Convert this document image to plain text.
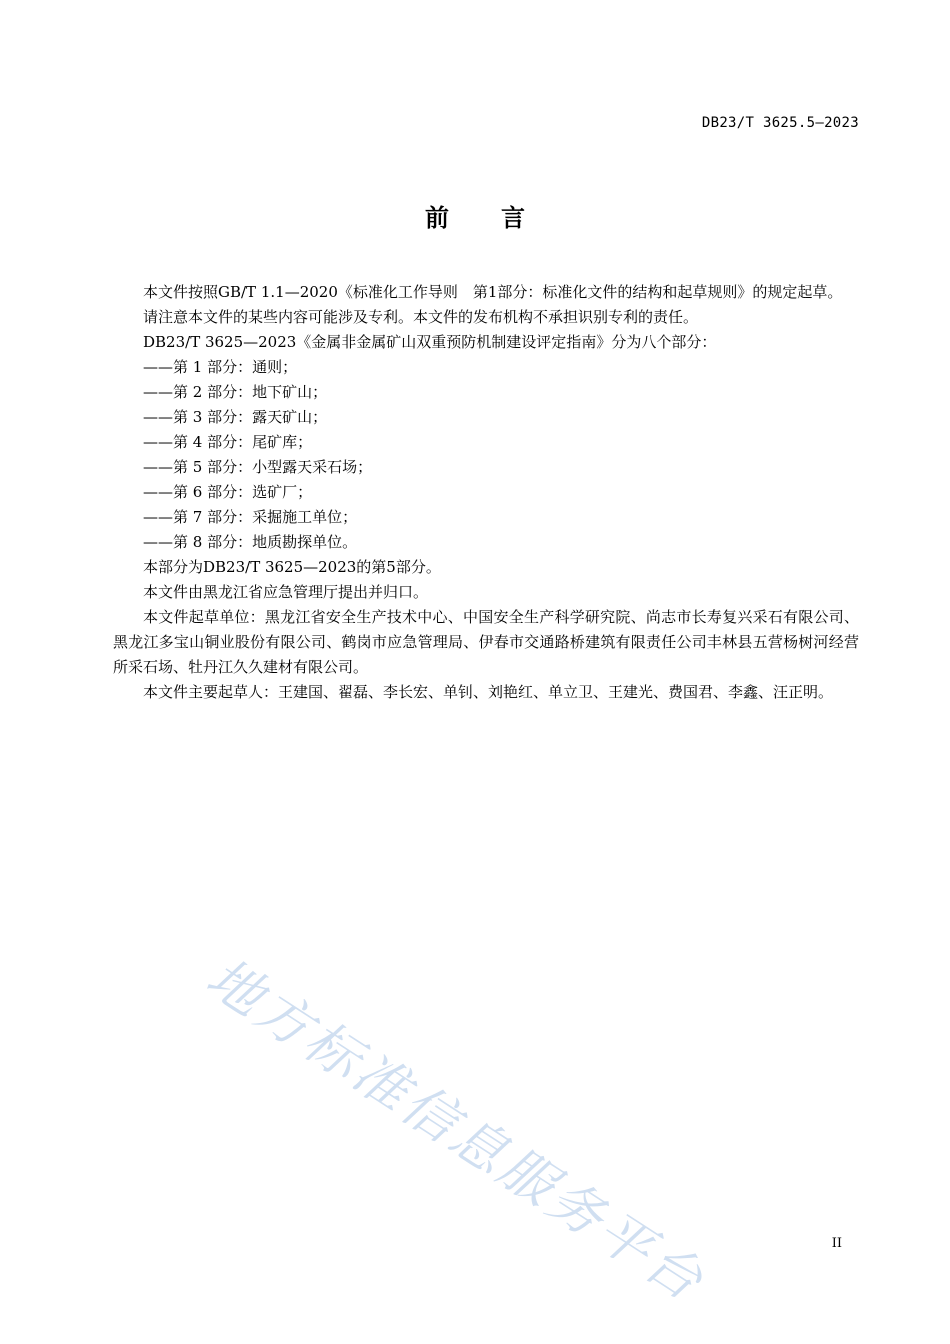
DB23/T 3625.5—2023
前 言

本文件按照GB/T 1.1—2020《标准化工作导则　第1部分：标准化文件的结构和起草规则》的规定起草。

请注意本文件的某些内容可能涉及专利。本文件的发布机构不承担识别专利的责任。

DB23/T 3625—2023《金属非金属矿山双重预防机制建设评定指南》分为八个部分：

——第 1 部分：通则；

——第 2 部分：地下矿山；

——第 3 部分：露天矿山；

——第 4 部分：尾矿库；

——第 5 部分：小型露天采石场；

——第 6 部分：选矿厂；

——第 7 部分：采掘施工单位；

——第 8 部分：地质勘探单位。

本部分为DB23/T 3625—2023的第5部分。

本文件由黑龙江省应急管理厅提出并归口。

本文件起草单位：黑龙江省安全生产技术中心、中国安全生产科学研究院、尚志市长寿复兴采石有限公司、黑龙江多宝山铜业股份有限公司、鹤岗市应急管理局、伊春市交通路桥建筑有限责任公司丰林县五营杨树河经营所采石场、牡丹江久久建材有限公司。

本文件主要起草人：王建国、翟磊、李长宏、单钊、刘艳红、单立卫、王建光、费国君、李鑫、汪正明。

地方标准信息服务平台	II
